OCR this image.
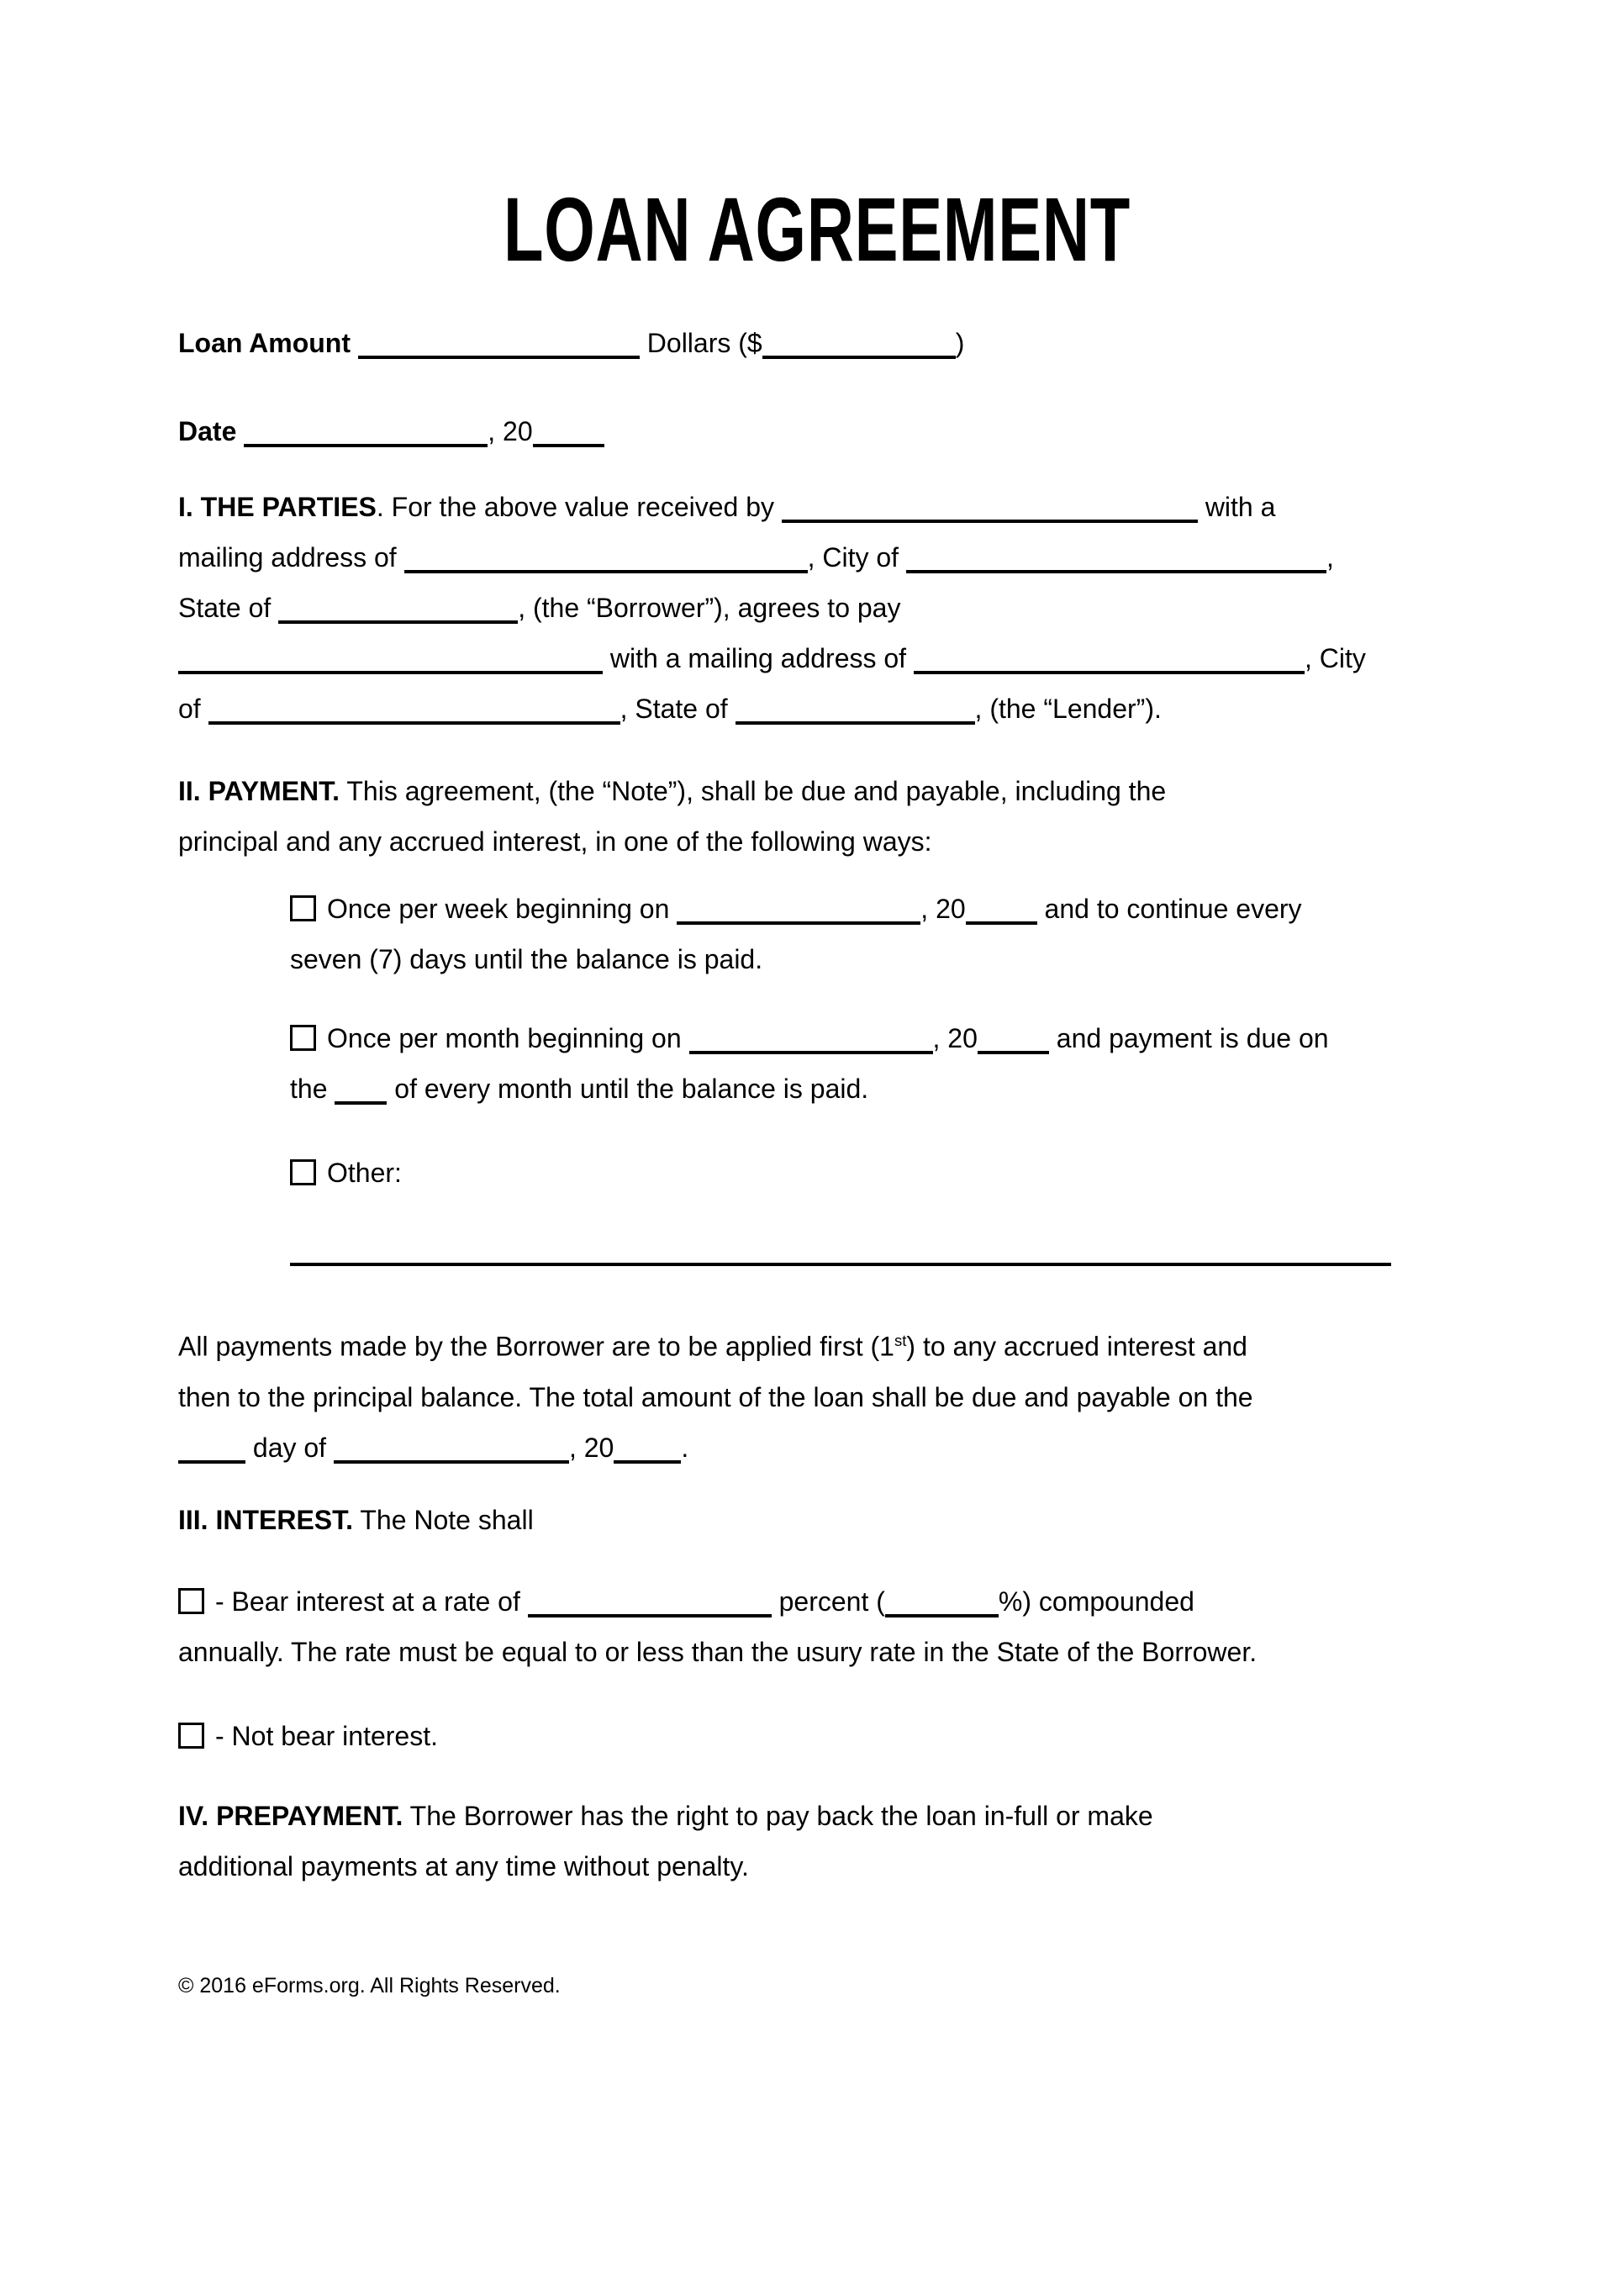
LOAN AGREEMENT
Loan Amount	Dollars ($	)
Date	, 20
I. THE PARTIES. For the above value received by	with a
mailing address of	, City of	,
State of	, (the “Borrower”), agrees to pay
with a mailing address of	, City
of	, State of	, (the “Lender”).
II. PAYMENT. This agreement, (the “Note”), shall be due and payable, including the
principal and any accrued interest, in one of the following ways:
Once per week beginning on	, 20	and to continue every
seven (7) days until the balance is paid.
Once per month beginning on	, 20	and payment is due on
the  of every month until the balance is paid.
Other:
All payments made by the Borrower are to be applied first (1st) to any accrued interest and
then to the principal balance. The total amount of the loan shall be due and payable on the
day of	, 20	.
III. INTEREST. The Note shall
- Bear interest at a rate of	percent (	%) compounded
annually. The rate must be equal to or less than the usury rate in the State of the Borrower.
- Not bear interest.
IV. PREPAYMENT. The Borrower has the right to pay back the loan in-full or make
additional payments at any time without penalty.
© 2016 eForms.org. All Rights Reserved.
